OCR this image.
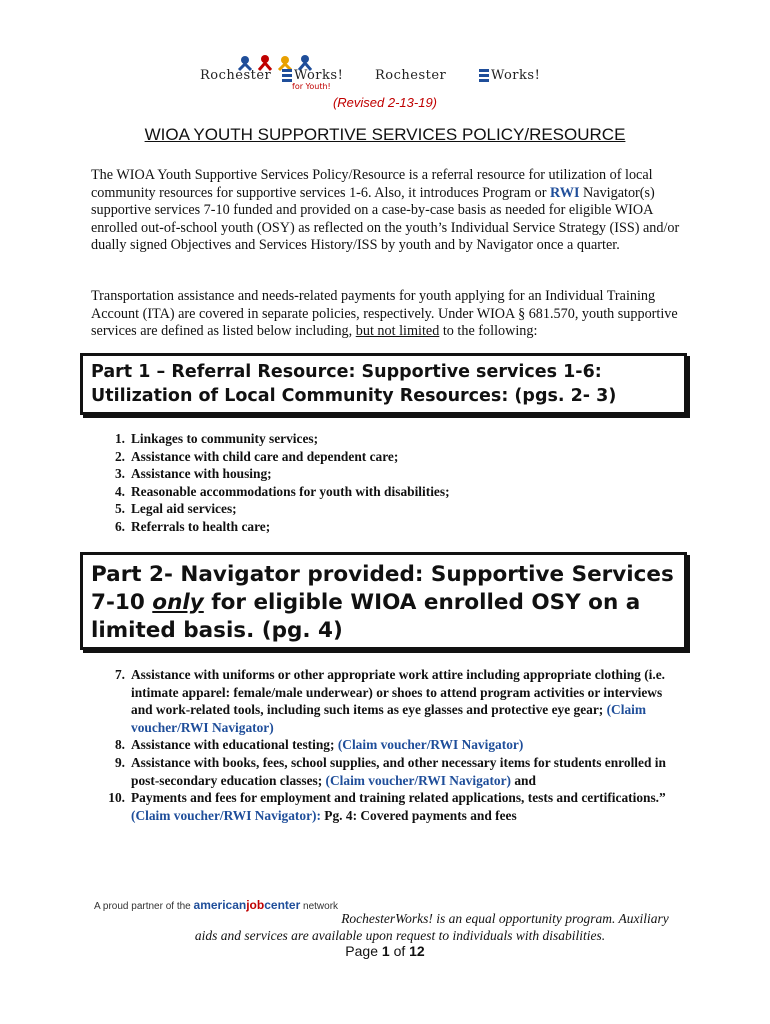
Rochester Works!
for Youth!
Rochester	Works!
(Revised 2-13-19)
WIOA YOUTH SUPPORTIVE SERVICES POLICY/RESOURCE

The WIOA Youth Supportive Services Policy/Resource is a referral resource for utilization of local community resources for supportive services 1-6. Also, it introduces Program or RWI Navigator(s) supportive services 7-10 funded and provided on a case-by-case basis as needed for eligible WIOA enrolled out-of-school youth (OSY) as reflected on the youth’s Individual Service Strategy (ISS) and/or dually signed Objectives and Services History/ISS by youth and by Navigator once a quarter.

Transportation assistance and needs-related payments for youth applying for an Individual Training Account (ITA) are covered in separate policies, respectively. Under WIOA § 681.570, youth supportive services are defined as listed below including, but not limited to the following:

Part 1 – Referral Resource: Supportive services 1-6: Utilization of Local Community Resources: (pgs. 2- 3)
1. Linkages to community services;
2. Assistance with child care and dependent care;
3. Assistance with housing;
4. Reasonable accommodations for youth with disabilities;
5. Legal aid services;
6. Referrals to health care;
Part 2- Navigator provided: Supportive Services 7-10 only for eligible WIOA enrolled OSY on a limited basis. (pg. 4)
7. Assistance with uniforms or other appropriate work attire including appropriate clothing (i.e. intimate apparel: female/male underwear) or shoes to attend program activities or interviews and work-related tools, including such items as eye glasses and protective eye gear; (Claim voucher/RWI Navigator)
8. Assistance with educational testing; (Claim voucher/RWI Navigator)
9. Assistance with books, fees, school supplies, and other necessary items for students enrolled in post-secondary education classes; (Claim voucher/RWI Navigator) and
10. Payments and fees for employment and training related applications, tests and certifications.” (Claim voucher/RWI Navigator): Pg. 4: Covered payments and fees
A proud partner of the americanjobcenter network
RochesterWorks! is an equal opportunity program. Auxiliary aids and services are available upon request to individuals with disabilities.
Page 1 of 12
